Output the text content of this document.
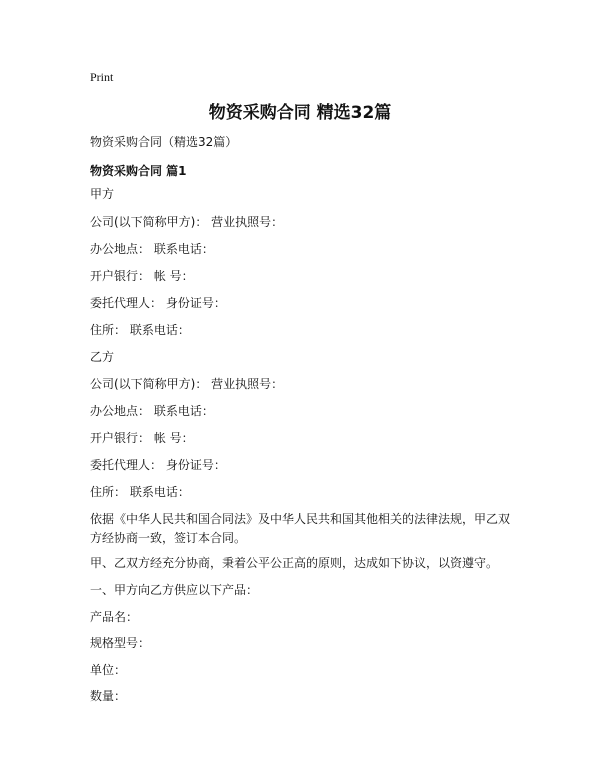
Print
物资采购合同 精选32篇
物资采购合同（精选32篇）
物资采购合同 篇1
甲方
公司(以下简称甲方)： 营业执照号：
办公地点： 联系电话：
开户银行： 帐 号：
委托代理人： 身份证号：
住所： 联系电话：
乙方
公司(以下简称甲方)： 营业执照号：
办公地点： 联系电话：
开户银行： 帐 号：
委托代理人： 身份证号：
住所： 联系电话：
依据《中华人民共和国合同法》及中华人民共和国其他相关的法律法规，甲乙双方经协商一致，签订本合同。
甲、乙双方经充分协商，秉着公平公正高的原则，达成如下协议，以资遵守。
一、甲方向乙方供应以下产品：
产品名：
规格型号：
单位：
数量：
